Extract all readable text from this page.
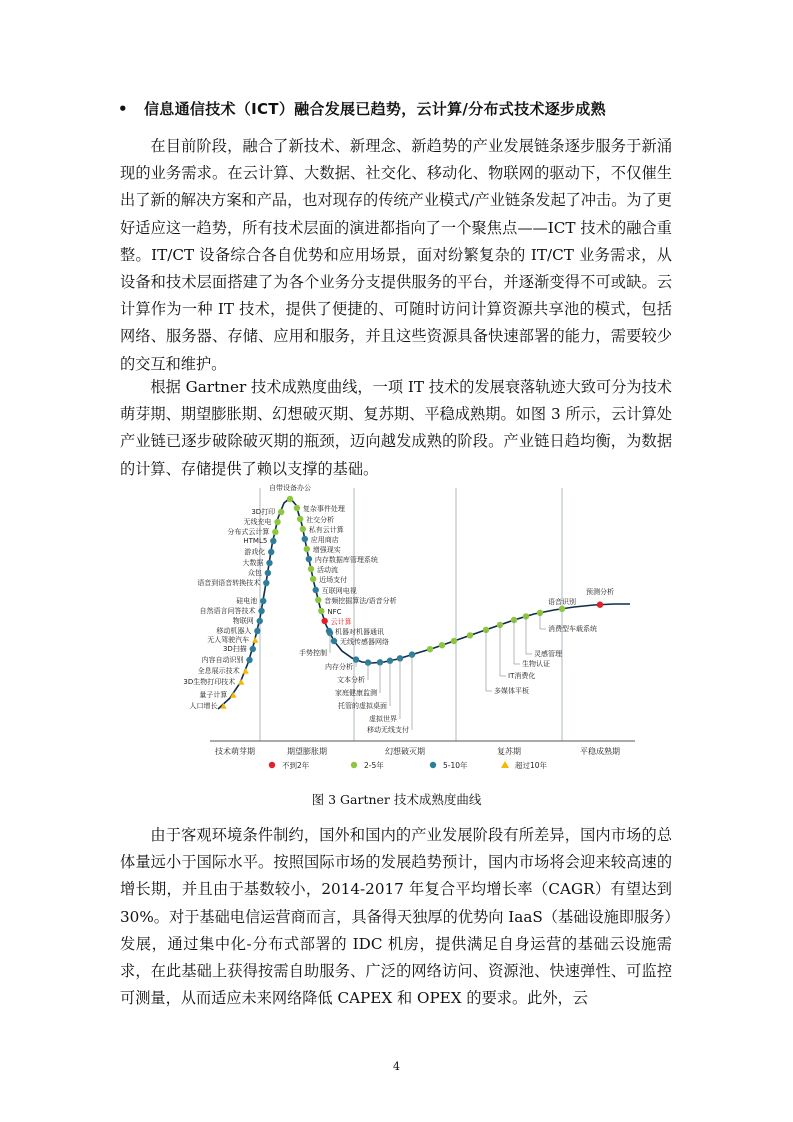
• 信息通信技术（ICT）融合发展已趋势，云计算/分布式技术逐步成熟

在目前阶段，融合了新技术、新理念、新趋势的产业发展链条逐步服务于新涌现的业务需求。在云计算、大数据、社交化、移动化、物联网的驱动下，不仅催生出了新的解决方案和产品，也对现存的传统产业模式/产业链条发起了冲击。为了更好适应这一趋势，所有技术层面的演进都指向了一个聚焦点——ICT 技术的融合重整。IT/CT 设备综合各自优势和应用场景，面对纷繁复杂的 IT/CT 业务需求，从设备和技术层面搭建了为各个业务分支提供服务的平台，并逐渐变得不可或缺。云计算作为一种 IT 技术，提供了便捷的、可随时访问计算资源共享池的模式，包括网络、服务器、存储、应用和服务，并且这些资源具备快速部署的能力，需要较少的交互和维护。

根据 Gartner 技术成熟度曲线，一项 IT 技术的发展衰落轨迹大致可分为技术萌芽期、期望膨胀期、幻想破灭期、复苏期、平稳成熟期。如图 3 所示，云计算处产业链已逐步破除破灭期的瓶颈，迈向越发成熟的阶段。产业链日趋均衡，为数据的计算、存储提供了赖以支撑的基础。

技术萌芽期	期望膨胀期	幻想破灭期	复苏期	平稳成熟期
不到2年	2-5年	5-10年	超过10年
量子计算
人口增长
3D生物打印技术
全息展示技术
内容自动识别
3D扫描
无人驾驶汽车
移动机器人
物联网
自然语言问答技术
硅电池
语音到语音转换技术
众包
大数据
游戏化
HTML5
分布式云计算
无线充电
3D打印
自带设备办公
复杂事件处理
社交分析
私有云计算
应用商店
增强现实
内存数据库管理系统
活动流
近场支付
互联网电视
音频挖掘算法/语音分析
NFC
云计算
机器对机器通讯
无线传感器网络
手势控制
内存分析
文本分析
家庭健康监测
托管的虚拟桌面
虚拟世界
移动无线支付
多媒体平板
IT消费化
生物认证
灵感管理
消费型车载系统
语音识别
预测分析
图 3 Gartner 技术成熟度曲线

由于客观环境条件制约，国外和国内的产业发展阶段有所差异，国内市场的总体量远小于国际水平。按照国际市场的发展趋势预计，国内市场将会迎来较高速的增长期，并且由于基数较小，2014-2017 年复合平均增长率（CAGR）有望达到 30%。对于基础电信运营商而言，具备得天独厚的优势向 IaaS（基础设施即服务）发展，通过集中化-分布式部署的 IDC 机房，提供满足自身运营的基础云设施需求，在此基础上获得按需自助服务、广泛的网络访问、资源池、快速弹性、可监控可测量，从而适应未来网络降低 CAPEX 和 OPEX 的要求。此外，云

4
